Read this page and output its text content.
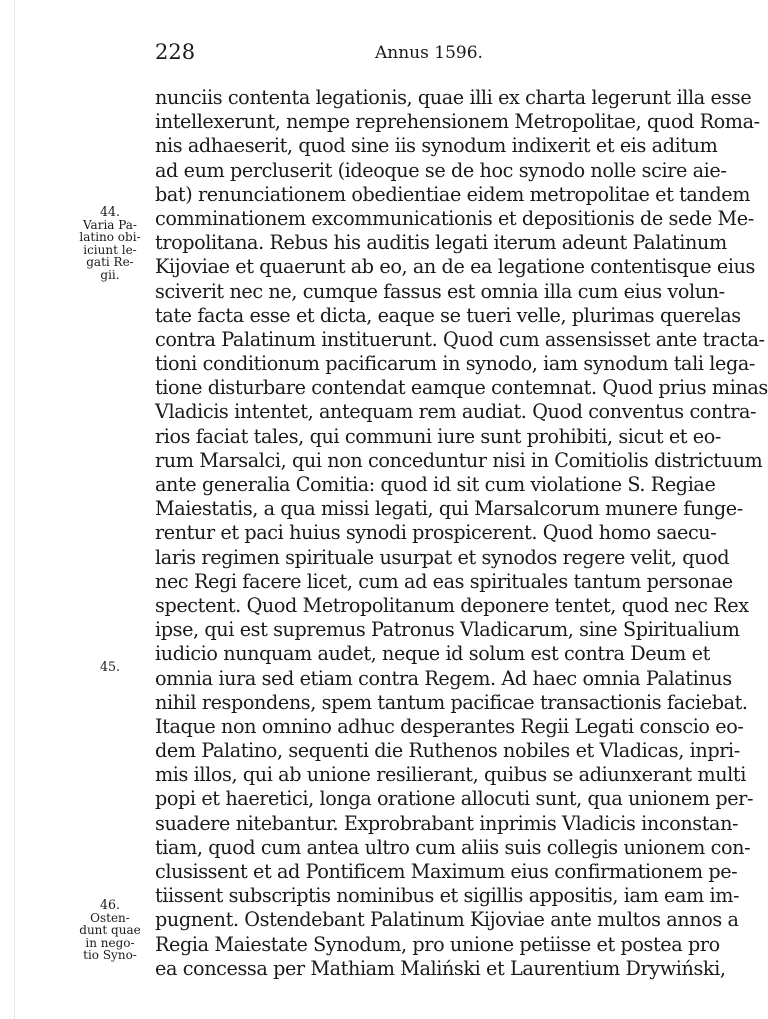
228	Annus 1596.
nunciis contenta legationis, quae illi ex charta legerunt illa esse
intellexerunt, nempe reprehensionem Metropolitae, quod Roma-
nis adhaeserit, quod sine iis synodum indixerit et eis aditum
ad eum percluserit (ideoque se de hoc synodo nolle scire aie-
bat) renunciationem obedientiae eidem metropolitae et tandem
comminationem excommunicationis et depositionis de sede Me-
tropolitana. Rebus his auditis legati iterum adeunt Palatinum
Kijoviae et quaerunt ab eo, an de ea legatione contentisque eius
sciverit nec ne, cumque fassus est omnia illa cum eius volun-
tate facta esse et dicta, eaque se tueri velle, plurimas querelas
contra Palatinum instituerunt. Quod cum assensisset ante tracta-
tioni conditionum pacificarum in synodo, iam synodum tali lega-
tione disturbare contendat eamque contemnat. Quod prius minas
Vladicis intentet, antequam rem audiat. Quod conventus contra-
rios faciat tales, qui communi iure sunt prohibiti, sicut et eo-
rum Marsalci, qui non conceduntur nisi in Comitiolis districtuum
ante generalia Comitia: quod id sit cum violatione S. Regiae
Maiestatis, a qua missi legati, qui Marsalcorum munere funge-
rentur et paci huius synodi prospicerent. Quod homo saecu-
laris regimen spirituale usurpat et synodos regere velit, quod
nec Regi facere licet, cum ad eas spirituales tantum personae
spectent. Quod Metropolitanum deponere tentet, quod nec Rex
ipse, qui est supremus Patronus Vladicarum, sine Spiritualium
iudicio nunquam audet, neque id solum est contra Deum et
omnia iura sed etiam contra Regem. Ad haec omnia Palatinus
nihil respondens, spem tantum pacificae transactionis faciebat.
Itaque non omnino adhuc desperantes Regii Legati conscio eo-
dem Palatino, sequenti die Ruthenos nobiles et Vladicas, inpri-
mis illos, qui ab unione resilierant, quibus se adiunxerant multi
popi et haeretici, longa oratione allocuti sunt, qua unionem per-
suadere nitebantur. Exprobrabant inprimis Vladicis inconstan-
tiam, quod cum antea ultro cum aliis suis collegis unionem con-
clusissent et ad Pontificem Maximum eius confirmationem pe-
tiissent subscriptis nominibus et sigillis appositis, iam eam im-
pugnent. Ostendebant Palatinum Kijoviae ante multos annos a
Regia Maiestate Synodum, pro unione petiisse et postea pro
ea concessa per Mathiam Maliński et Laurentium Drywiński,
44.
Varia Pa-
latino obi-
iciunt le-
gati Re-
gii.
45.
46.
Osten-
dunt quae
in nego-
tio Syno-
